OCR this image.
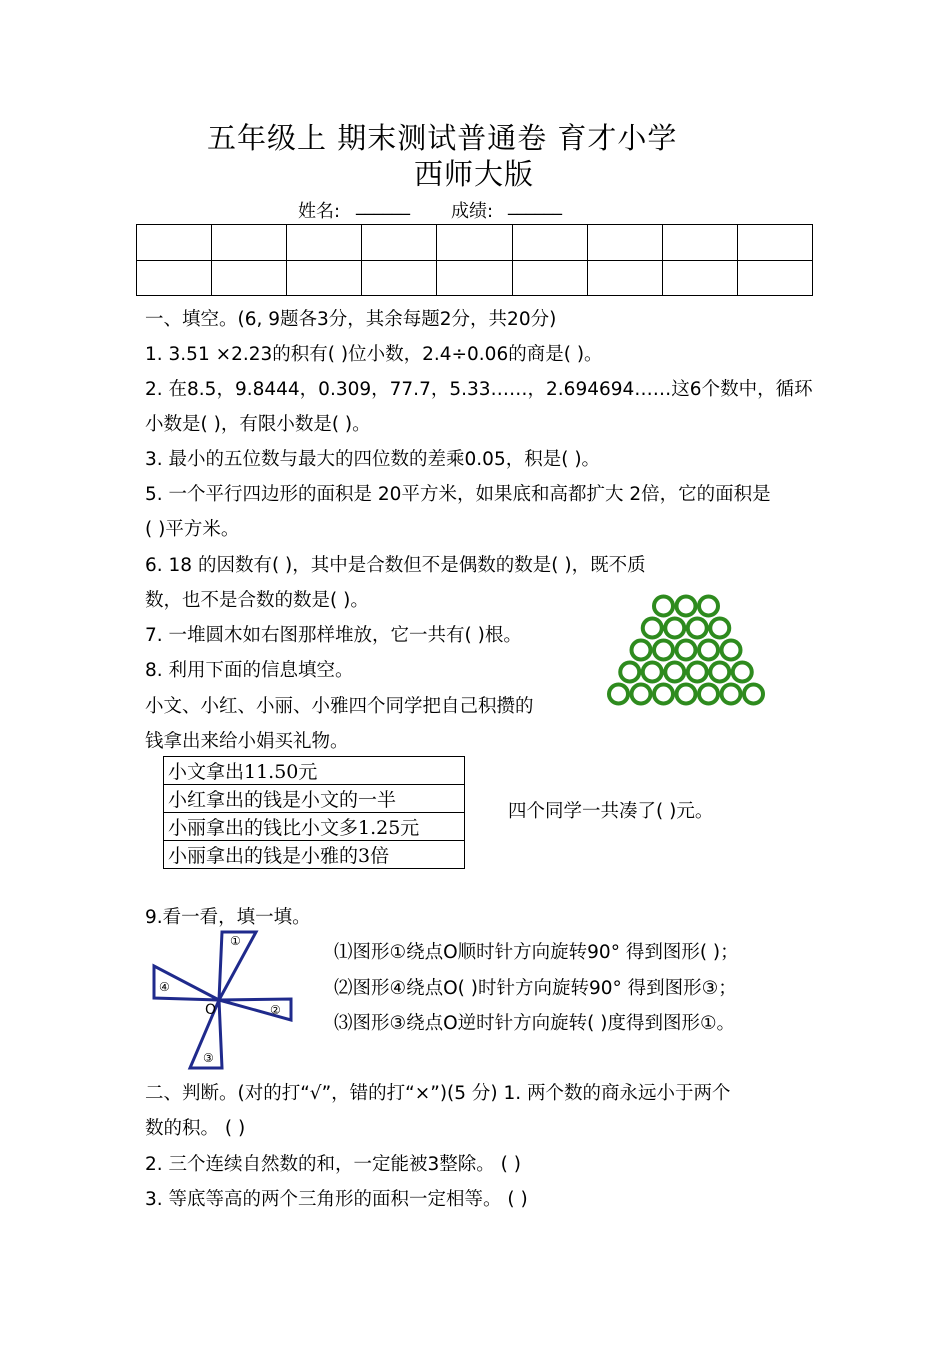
五年级上 期末测试普通卷 育才小学
西师大版
姓名: ______ 成绩: ______

一、填空。(6, 9题各3分，其余每题2分，共20分)
1. 3.51 ×2.23的积有( )位小数，2.4÷0.06的商是( )。
2. 在8.5，9.8444，0.309，77.7，5.33……，2.694694……这6个数中，循环
小数是( )，有限小数是( )。
3. 最小的五位数与最大的四位数的差乘0.05，积是( )。
5. 一个平行四边形的面积是 20平方米，如果底和高都扩大 2倍，它的面积是
( )平方米。
6. 18 的因数有( )，其中是合数但不是偶数的数是( )，既不质
数，也不是合数的数是( )。
7. 一堆圆木如右图那样堆放，它一共有( )根。
8. 利用下面的信息填空。
小文、小红、小丽、小雅四个同学把自己积攒的
钱拿出来给小娟买礼物。
小文拿出11.50元
小红拿出的钱是小文的一半
小丽拿出的钱比小文多1.25元
小丽拿出的钱是小雅的3倍
四个同学一共凑了( )元。
9.看一看，填一填。
①
②
③
④
O
⑴图形①绕点O顺时针方向旋转90° 得到图形( )；
⑵图形④绕点O( )时针方向旋转90° 得到图形③；
⑶图形③绕点O逆时针方向旋转( )度得到图形①。
二、判断。(对的打“√”，错的打“×”)(5 分) 1. 两个数的商永远小于两个
数的积。 ( )
2. 三个连续自然数的和，一定能被3整除。 ( )
3. 等底等高的两个三角形的面积一定相等。 ( )
